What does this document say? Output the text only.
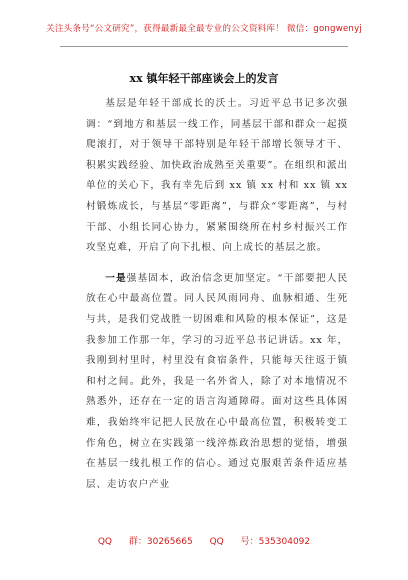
关注头条号“公文研究”，获得最新最全最专业的公文资料库！ 微信：gongwenyj
xx 镇年轻干部座谈会上的发言

基层是年轻干部成长的沃土。习近平总书记多次强调：“到地方和基层一线工作，同基层干部和群众一起摸爬滚打，对于领导干部特别是年轻干部增长领导才干、积累实践经验、加快政治成熟至关重要”。在组织和派出单位的关心下，我有幸先后到 xx 镇 xx 村和 xx 镇 xx 村锻炼成长，与基层“零距离”，与群众“零距离”，与村干部、小组长同心协力，紧紧围绕所在村乡村振兴工作攻坚克难，开启了向下扎根、向上成长的基层之旅。

一是强基固本，政治信念更加坚定。“干部要把人民放在心中最高位置。同人民风雨同舟、血脉相通、生死与共，是我们党战胜一切困难和风险的根本保证”，这是我参加工作那一年，学习的习近平总书记讲话。xx 年，我刚到村里时，村里没有食宿条件，只能每天往返于镇和村之间。此外，我是一名外省人，除了对本地情况不熟悉外，还存在一定的语言沟通障碍。面对这些具体困难，我始终牢记把人民放在心中最高位置，积极转变工作角色，树立在实践第一线淬炼政治思想的觉悟，增强在基层一线扎根工作的信心。通过克服艰苦条件适应基层、走访农户产业

QQ 群：30265665 QQ 号：535304092
